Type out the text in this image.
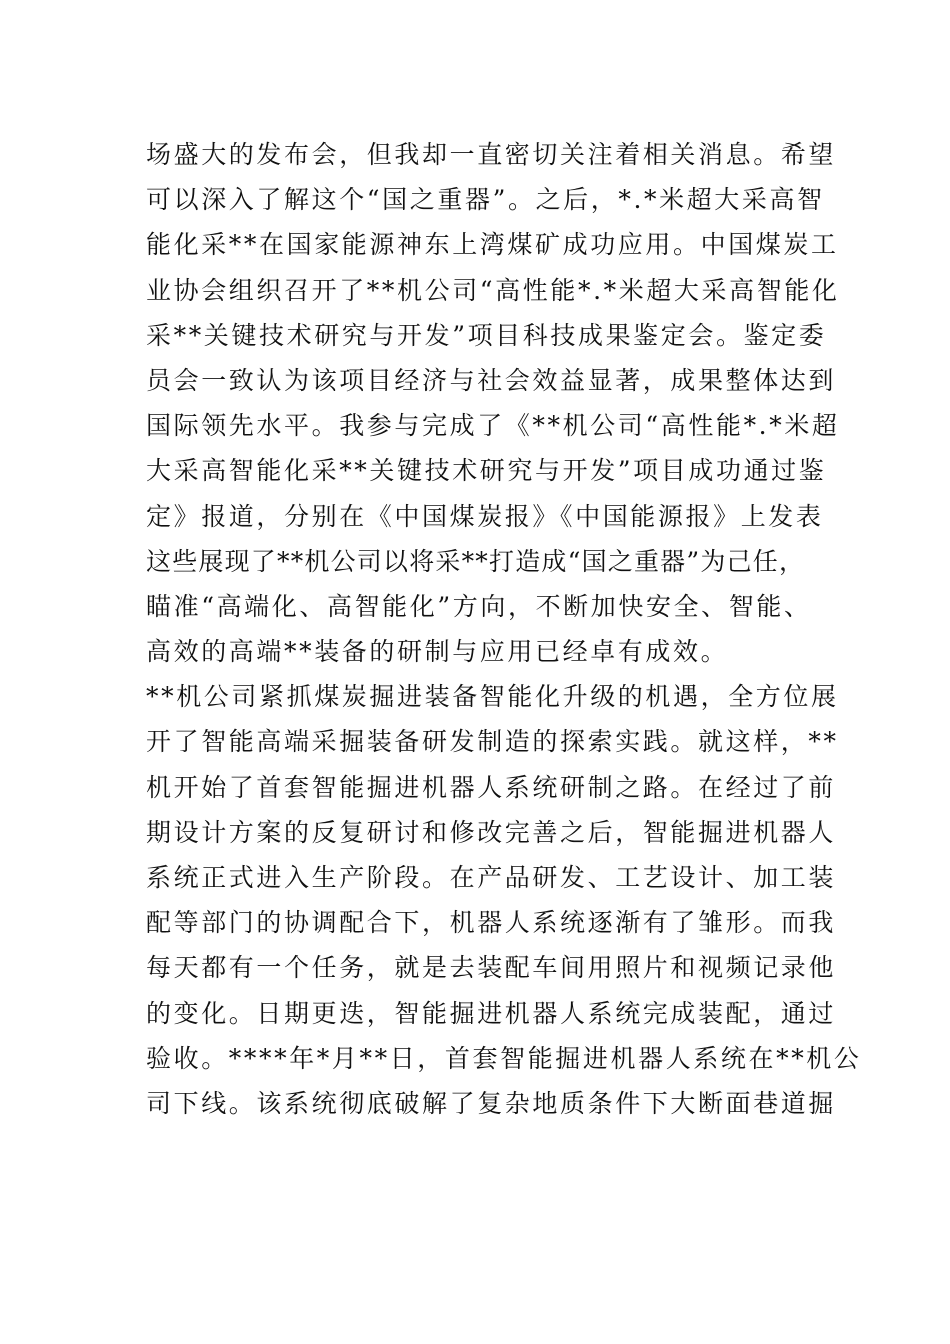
场盛大的发布会，但我却一直密切关注着相关消息。希望
可以深入了解这个“国之重器”。之后，*.*米超大采高智
能化采**在国家能源神东上湾煤矿成功应用。中国煤炭工
业协会组织召开了**机公司“高性能*.*米超大采高智能化
采**关键技术研究与开发”项目科技成果鉴定会。鉴定委
员会一致认为该项目经济与社会效益显著，成果整体达到
国际领先水平。我参与完成了《**机公司“高性能*.*米超
大采高智能化采**关键技术研究与开发”项目成功通过鉴
定》报道，分别在《中国煤炭报》《中国能源报》上发表
这些展现了**机公司以将采**打造成“国之重器”为己任，
瞄准“高端化、高智能化”方向，不断加快安全、智能、
高效的高端**装备的研制与应用已经卓有成效。
**机公司紧抓煤炭掘进装备智能化升级的机遇，全方位展
开了智能高端采掘装备研发制造的探索实践。就这样，**
机开始了首套智能掘进机器人系统研制之路。在经过了前
期设计方案的反复研讨和修改完善之后，智能掘进机器人
系统正式进入生产阶段。在产品研发、工艺设计、加工装
配等部门的协调配合下，机器人系统逐渐有了雏形。而我
每天都有一个任务，就是去装配车间用照片和视频记录他
的变化。日期更迭，智能掘进机器人系统完成装配，通过
验收。****年*月**日，首套智能掘进机器人系统在**机公
司下线。该系统彻底破解了复杂地质条件下大断面巷道掘
